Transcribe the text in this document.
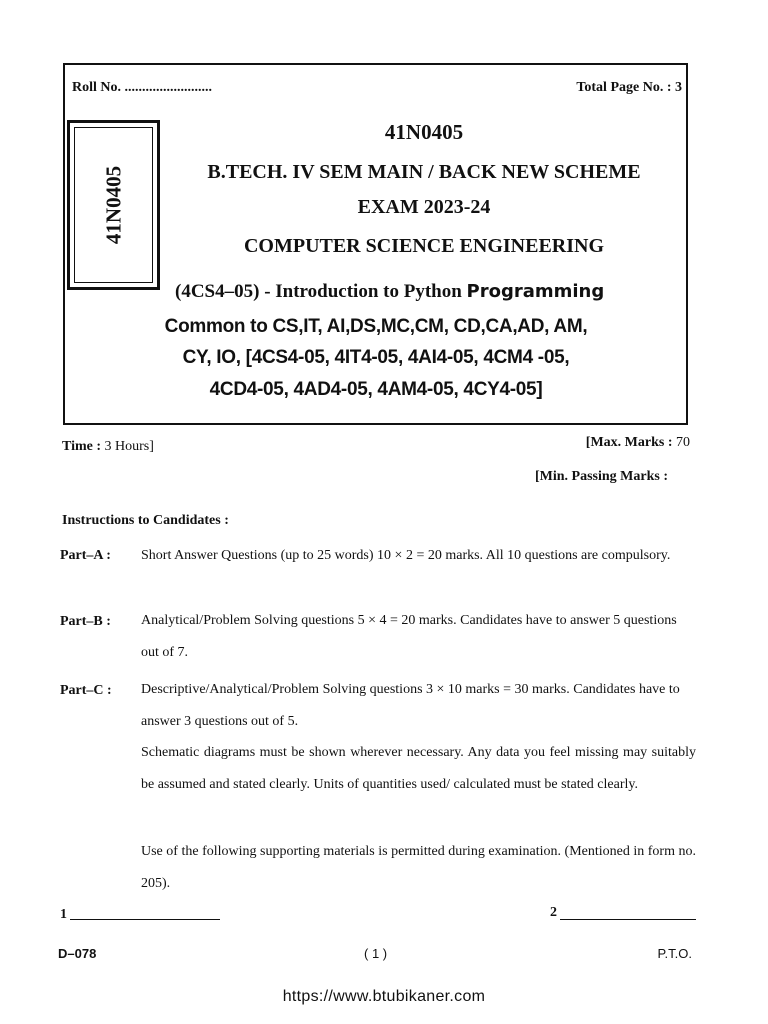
Roll No. .........................	Total Page No. : 3
41N0405
41N0405
B.TECH. IV SEM MAIN / BACK NEW SCHEME
EXAM 2023-24
COMPUTER SCIENCE ENGINEERING
(4CS4–05) - Introduction to Python Programming
Common to CS,IT, AI,DS,MC,CM, CD,CA,AD, AM,
CY, IO, [4CS4-05, 4IT4-05, 4AI4-05, 4CM4 -05,
4CD4-05, 4AD4-05, 4AM4-05, 4CY4-05]
Time : 3 Hours]	[Max. Marks : 70
[Min. Passing Marks :
Instructions to Candidates :
Part–A : Short Answer Questions (up to 25 words) 10 × 2 = 20 marks. All 10 questions are compulsory.
Part–B : Analytical/Problem Solving questions 5 × 4 = 20 marks. Candidates have to answer 5 questions out of 7.
Part–C : Descriptive/Analytical/Problem Solving questions 3 × 10 marks = 30 marks. Candidates have to answer 3 questions out of 5.
Schematic diagrams must be shown wherever necessary. Any data you feel missing may suitably be assumed and stated clearly. Units of quantities used/ calculated must be stated clearly.
Use of the following supporting materials is permitted during examination. (Mentioned in form no. 205).
1	2
D–078	( 1 )	P.T.O.
https://www.btubikaner.com
